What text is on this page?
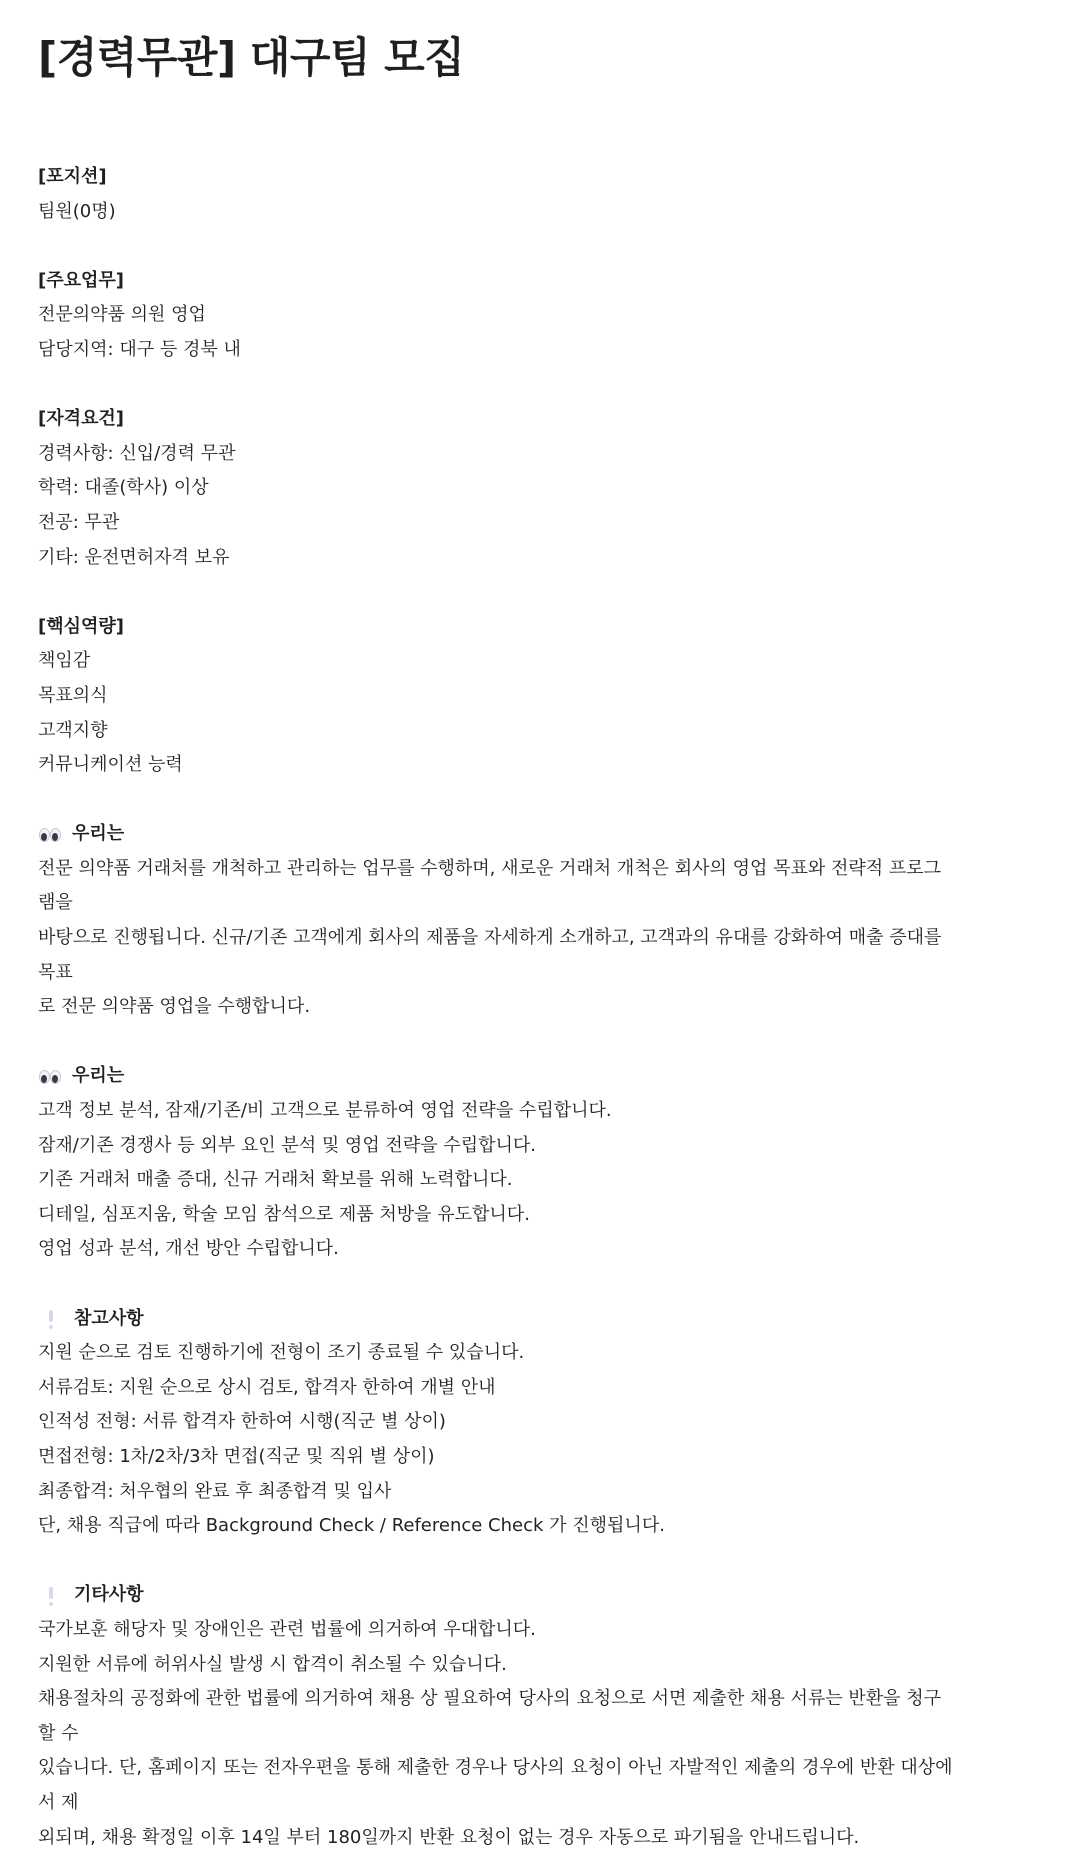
[경력무관] 대구팀 모집
[포지션]
팀원(0명)
[주요업무]
전문의약품 의원 영업
담당지역: 대구 등 경북 내
[자격요건]
경력사항: 신입/경력 무관
학력: 대졸(학사) 이상
전공: 무관
기타: 운전면허자격 보유
[핵심역량]
책임감
목표의식
고객지향
커뮤니케이션 능력
우리는
전문 의약품 거래처를 개척하고 관리하는 업무를 수행하며, 새로운 거래처 개척은 회사의 영업 목표와 전략적 프로그램을
바탕으로 진행됩니다. 신규/기존 고객에게 회사의 제품을 자세하게 소개하고, 고객과의 유대를 강화하여 매출 증대를 목표
로 전문 의약품 영업을 수행합니다.
우리는
고객 정보 분석, 잠재/기존/비 고객으로 분류하여 영업 전략을 수립합니다.
잠재/기존 경쟁사 등 외부 요인 분석 및 영업 전략을 수립합니다.
기존 거래처 매출 증대, 신규 거래처 확보를 위해 노력합니다.
디테일, 심포지움, 학술 모임 참석으로 제품 처방을 유도합니다.
영업 성과 분석, 개선 방안 수립합니다.
참고사항
지원 순으로 검토 진행하기에 전형이 조기 종료될 수 있습니다.
서류검토: 지원 순으로 상시 검토, 합격자 한하여 개별 안내
인적성 전형: 서류 합격자 한하여 시행(직군 별 상이)
면접전형: 1차/2차/3차 면접(직군 및 직위 별 상이)
최종합격: 처우협의 완료 후 최종합격 및 입사
단, 채용 직급에 따라 Background Check / Reference Check 가 진행됩니다.
기타사항
국가보훈 해당자 및 장애인은 관련 법률에 의거하여 우대합니다.
지원한 서류에 허위사실 발생 시 합격이 취소될 수 있습니다.
채용절차의 공정화에 관한 법률에 의거하여 채용 상 필요하여 당사의 요청으로 서면 제출한 채용 서류는 반환을 청구할 수
있습니다. 단, 홈페이지 또는 전자우편을 통해 제출한 경우나 당사의 요청이 아닌 자발적인 제출의 경우에 반환 대상에서 제
외되며, 채용 확정일 이후 14일 부터 180일까지 반환 요청이 없는 경우 자동으로 파기됨을 안내드립니다.
